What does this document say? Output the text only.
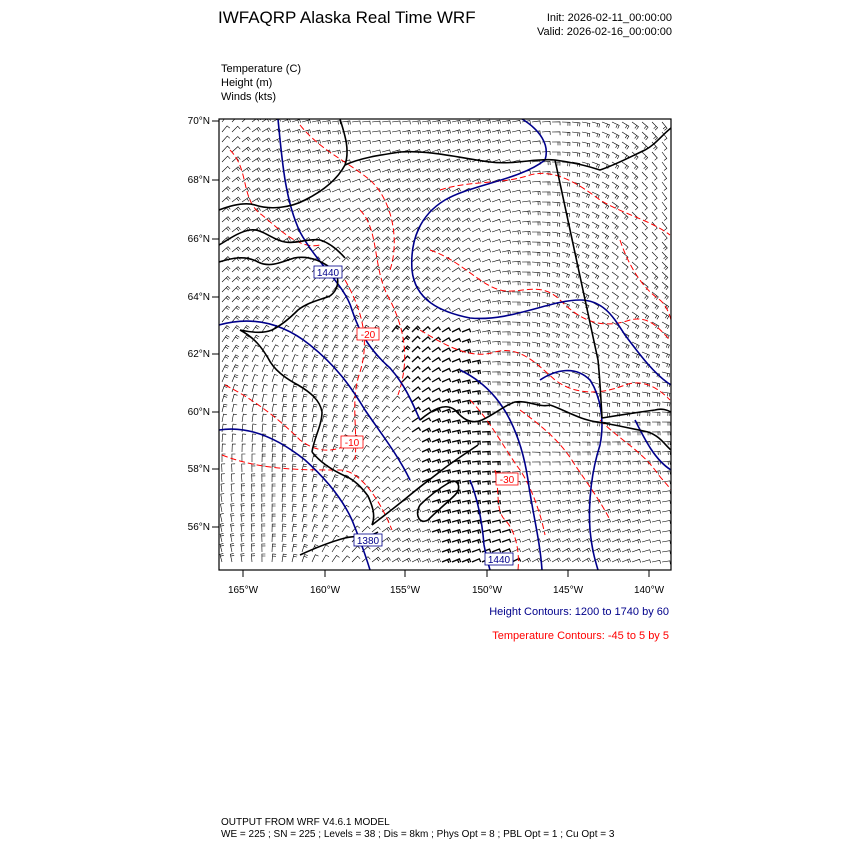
IWFAQRP Alaska Real Time WRF	Init: 2026-02-11_00:00:00
Valid: 2026-02-16_00:00:00
Temperature (C)
Height (m)
Winds (kts)
70°N
68°N
66°N
64°N
62°N
60°N
58°N
56°N
165°W	160°W	155°W	150°W	145°W	140°W
1440
1380
1440
-20
-10
-30
Height Contours: 1200 to 1740 by 60
Temperature Contours: -45 to 5 by 5
OUTPUT FROM WRF V4.6.1 MODEL
WE = 225 ; SN = 225 ; Levels = 38 ; Dis = 8km ; Phys Opt = 8 ; PBL Opt = 1 ; Cu Opt = 3
